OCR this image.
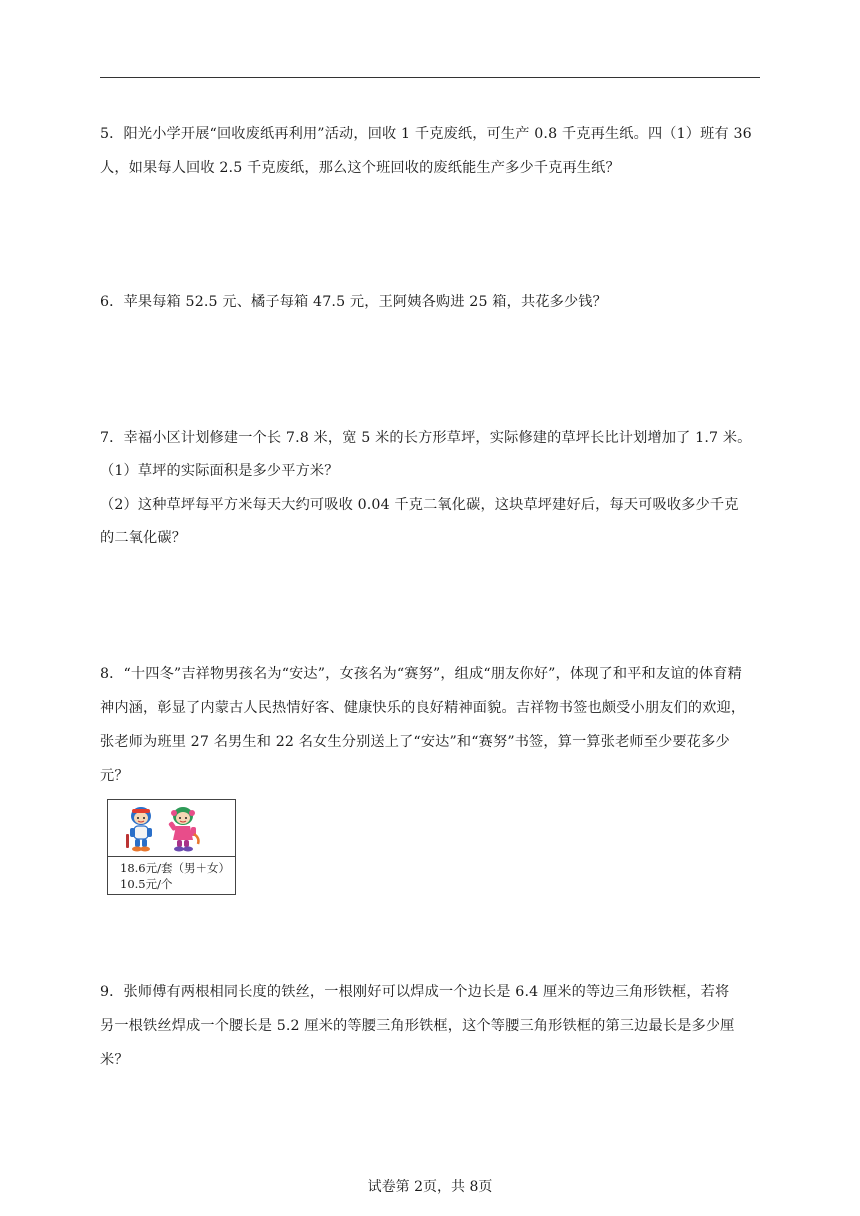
5．阳光小学开展“回收废纸再利用”活动，回收 1 千克废纸，可生产 0.8 千克再生纸。四（1）班有 36
人，如果每人回收 2.5 千克废纸，那么这个班回收的废纸能生产多少千克再生纸？
6．苹果每箱 52.5 元、橘子每箱 47.5 元，王阿姨各购进 25 箱，共花多少钱？
7．幸福小区计划修建一个长 7.8 米，宽 5 米的长方形草坪，实际修建的草坪长比计划增加了 1.7 米。
（1）草坪的实际面积是多少平方米？
（2）这种草坪每平方米每天大约可吸收 0.04 千克二氧化碳，这块草坪建好后，每天可吸收多少千克
的二氧化碳？
8．“十四冬”吉祥物男孩名为“安达”，女孩名为“赛努”，组成“朋友你好”，体现了和平和友谊的体育精
神内涵，彰显了内蒙古人民热情好客、健康快乐的良好精神面貌。吉祥物书签也颇受小朋友们的欢迎，
张老师为班里 27 名男生和 22 名女生分别送上了“安达”和“赛努”书签，算一算张老师至少要花多少
元？
18.6元/套（男＋女）
10.5元/个
9．张师傅有两根相同长度的铁丝，一根刚好可以焊成一个边长是 6.4 厘米的等边三角形铁框，若将
另一根铁丝焊成一个腰长是 5.2 厘米的等腰三角形铁框，这个等腰三角形铁框的第三边最长是多少厘
米？
试卷第 2页，共 8页
